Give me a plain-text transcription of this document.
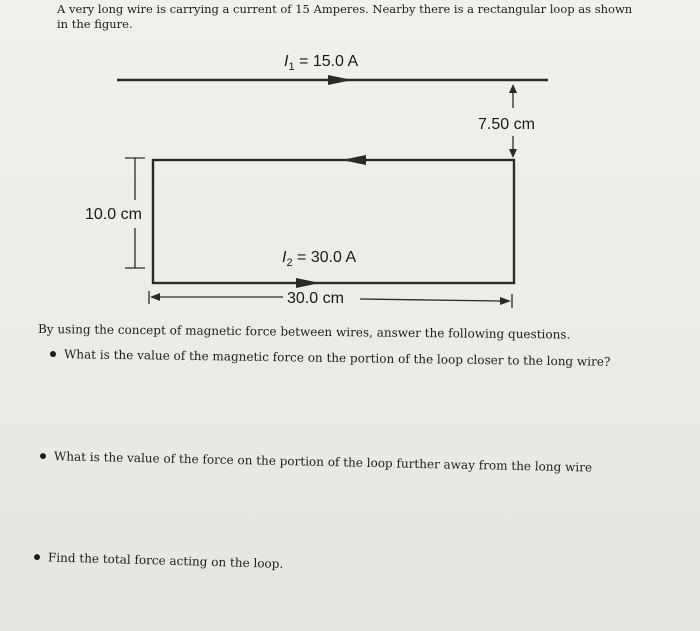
A very long wire is carrying a current of 15 Amperes. Nearby there is a rectangular loop as shown
in the figure.
$I_1 = 15.0$ A
7.50 cm
10.0 cm
$I_2 = 30.0$ A
30.0 cm
By using the concept of magnetic force between wires, answer the following questions.
What is the value of the magnetic force on the portion of the loop closer to the long wire?
What is the value of the force on the portion of the loop further away from the long wire
Find the total force acting on the loop.
